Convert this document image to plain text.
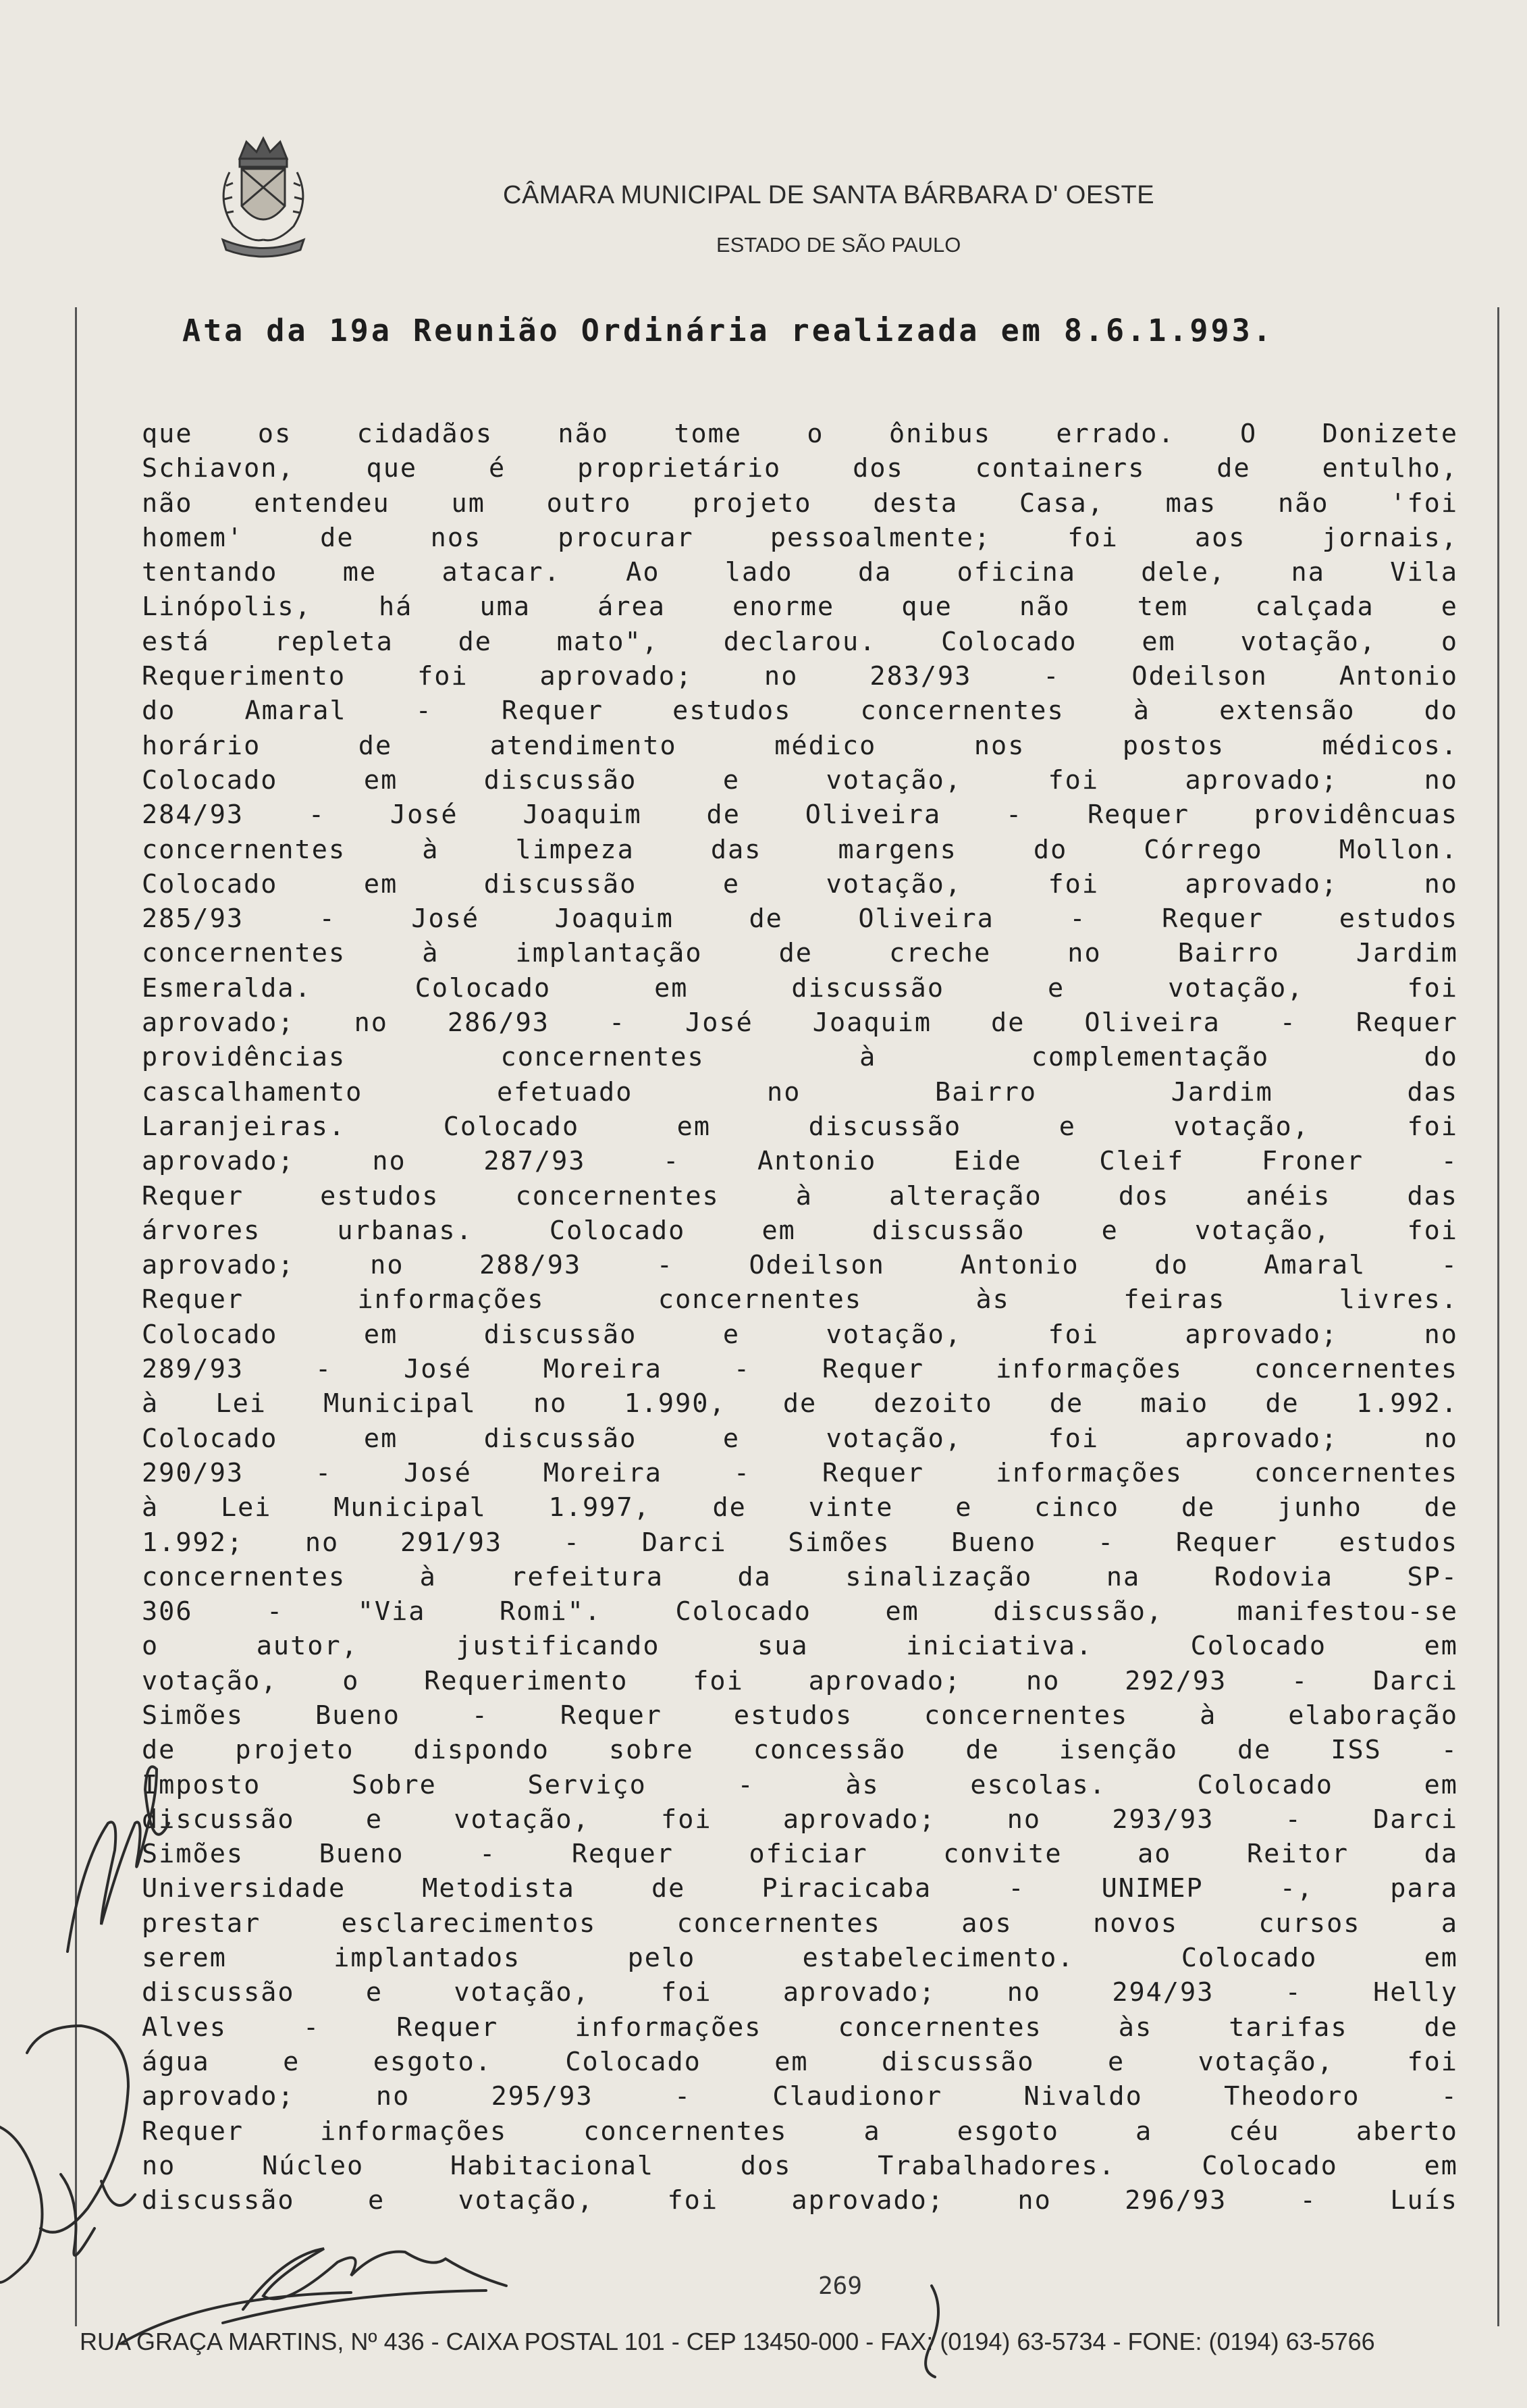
CÂMARA MUNICIPAL DE SANTA BÁRBARA D' OESTE
ESTADO DE SÃO PAULO
Ata da 19a Reunião Ordinária realizada em 8.6.1.993.
que os cidadãos não tome o ônibus errado. O Donizete
Schiavon, que é proprietário dos containers de entulho,
não entendeu um outro projeto desta Casa, mas não 'foi
homem' de nos procurar pessoalmente; foi aos jornais,
tentando me atacar. Ao lado da oficina dele, na Vila
Linópolis, há uma área enorme que não tem calçada e
está repleta de mato", declarou. Colocado em votação, o
Requerimento foi aprovado; no 283/93 - Odeilson Antonio
do Amaral - Requer estudos concernentes à extensão do
horário de atendimento médico nos postos médicos.
Colocado em discussão e votação, foi aprovado; no
284/93 - José Joaquim de Oliveira - Requer providêncuas
concernentes à limpeza das margens do Córrego Mollon.
Colocado em discussão e votação, foi aprovado; no
285/93 - José Joaquim de Oliveira - Requer estudos
concernentes à implantação de creche no Bairro Jardim
Esmeralda. Colocado em discussão e votação, foi
aprovado; no 286/93 - José Joaquim de Oliveira - Requer
providências concernentes à complementação do
cascalhamento efetuado no Bairro Jardim das
Laranjeiras. Colocado em discussão e votação, foi
aprovado; no 287/93 - Antonio Eide Cleif Froner -
Requer estudos concernentes à alteração dos anéis das
árvores urbanas. Colocado em discussão e votação, foi
aprovado; no 288/93 - Odeilson Antonio do Amaral -
Requer informações concernentes às feiras livres.
Colocado em discussão e votação, foi aprovado; no
289/93 - José Moreira - Requer informações concernentes
à Lei Municipal no 1.990, de dezoito de maio de 1.992.
Colocado em discussão e votação, foi aprovado; no
290/93 - José Moreira - Requer informações concernentes
à Lei Municipal 1.997, de vinte e cinco de junho de
1.992; no 291/93 - Darci Simões Bueno - Requer estudos
concernentes à refeitura da sinalização na Rodovia SP-
306 - "Via Romi". Colocado em discussão, manifestou-se
o autor, justificando sua iniciativa. Colocado em
votação, o Requerimento foi aprovado; no 292/93 - Darci
Simões Bueno - Requer estudos concernentes à elaboração
de projeto dispondo sobre concessão de isenção de ISS -
Imposto Sobre Serviço - às escolas. Colocado em
discussão e votação, foi aprovado; no 293/93 - Darci
Simões Bueno - Requer oficiar convite ao Reitor da
Universidade Metodista de Piracicaba - UNIMEP -, para
prestar esclarecimentos concernentes aos novos cursos a
serem implantados pelo estabelecimento. Colocado em
discussão e votação, foi aprovado; no 294/93 - Helly
Alves - Requer informações concernentes às tarifas de
água e esgoto. Colocado em discussão e votação, foi
aprovado; no 295/93 - Claudionor Nivaldo Theodoro -
Requer informações concernentes a esgoto a céu aberto
no Núcleo Habitacional dos Trabalhadores. Colocado em
discussão e votação, foi aprovado; no 296/93 - Luís
269
RUA GRAÇA MARTINS, Nº 436 - CAIXA POSTAL 101 - CEP 13450-000 - FAX: (0194) 63-5734 - FONE: (0194) 63-5766
